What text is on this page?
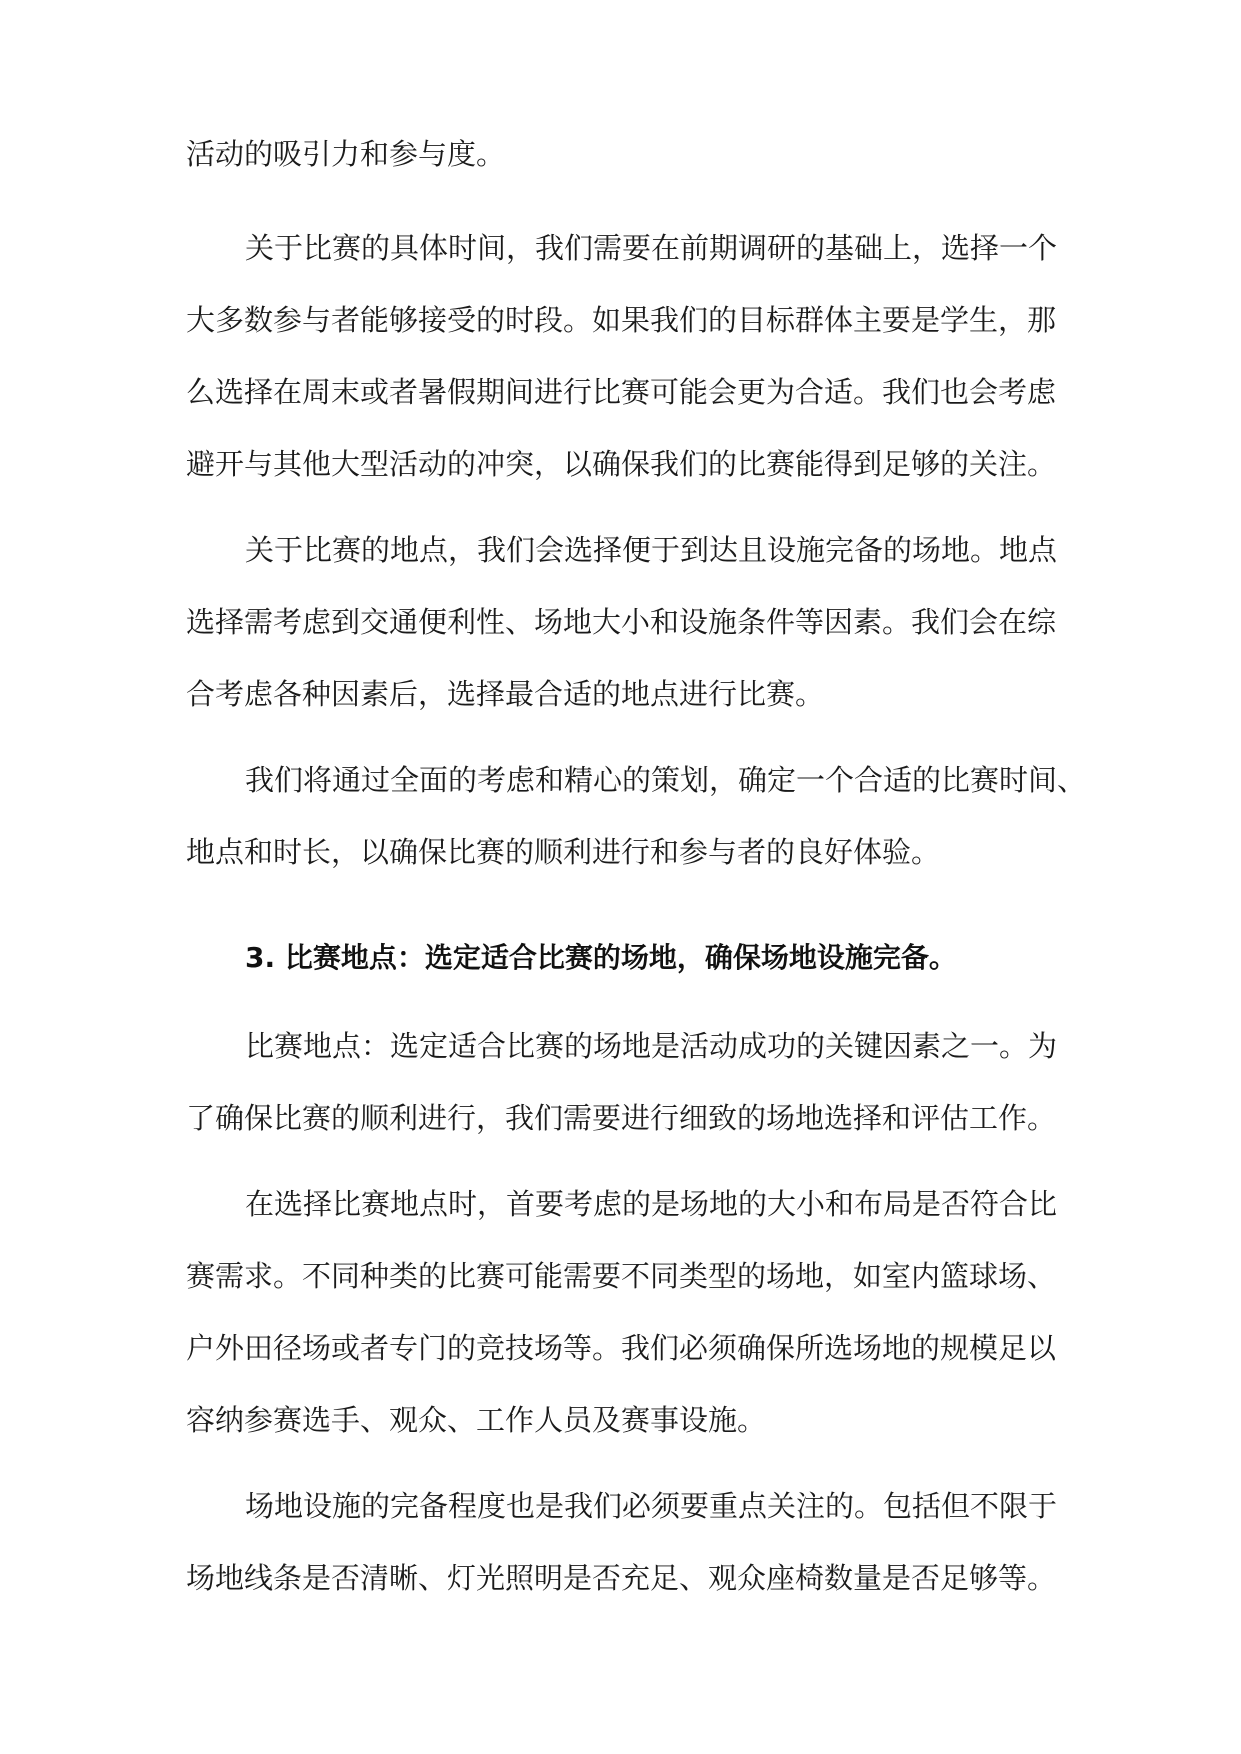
活动的吸引力和参与度。

关于比赛的具体时间，我们需要在前期调研的基础上，选择一个

大多数参与者能够接受的时段。如果我们的目标群体主要是学生，那

么选择在周末或者暑假期间进行比赛可能会更为合适。我们也会考虑

避开与其他大型活动的冲突，以确保我们的比赛能得到足够的关注。

关于比赛的地点，我们会选择便于到达且设施完备的场地。地点

选择需考虑到交通便利性、场地大小和设施条件等因素。我们会在综

合考虑各种因素后，选择最合适的地点进行比赛。

我们将通过全面的考虑和精心的策划，确定一个合适的比赛时间、

地点和时长，以确保比赛的顺利进行和参与者的良好体验。

3. 比赛地点：选定适合比赛的场地，确保场地设施完备。

比赛地点：选定适合比赛的场地是活动成功的关键因素之一。为

了确保比赛的顺利进行，我们需要进行细致的场地选择和评估工作。

在选择比赛地点时，首要考虑的是场地的大小和布局是否符合比

赛需求。不同种类的比赛可能需要不同类型的场地，如室内篮球场、

户外田径场或者专门的竞技场等。我们必须确保所选场地的规模足以

容纳参赛选手、观众、工作人员及赛事设施。

场地设施的完备程度也是我们必须要重点关注的。包括但不限于

场地线条是否清晰、灯光照明是否充足、观众座椅数量是否足够等。
